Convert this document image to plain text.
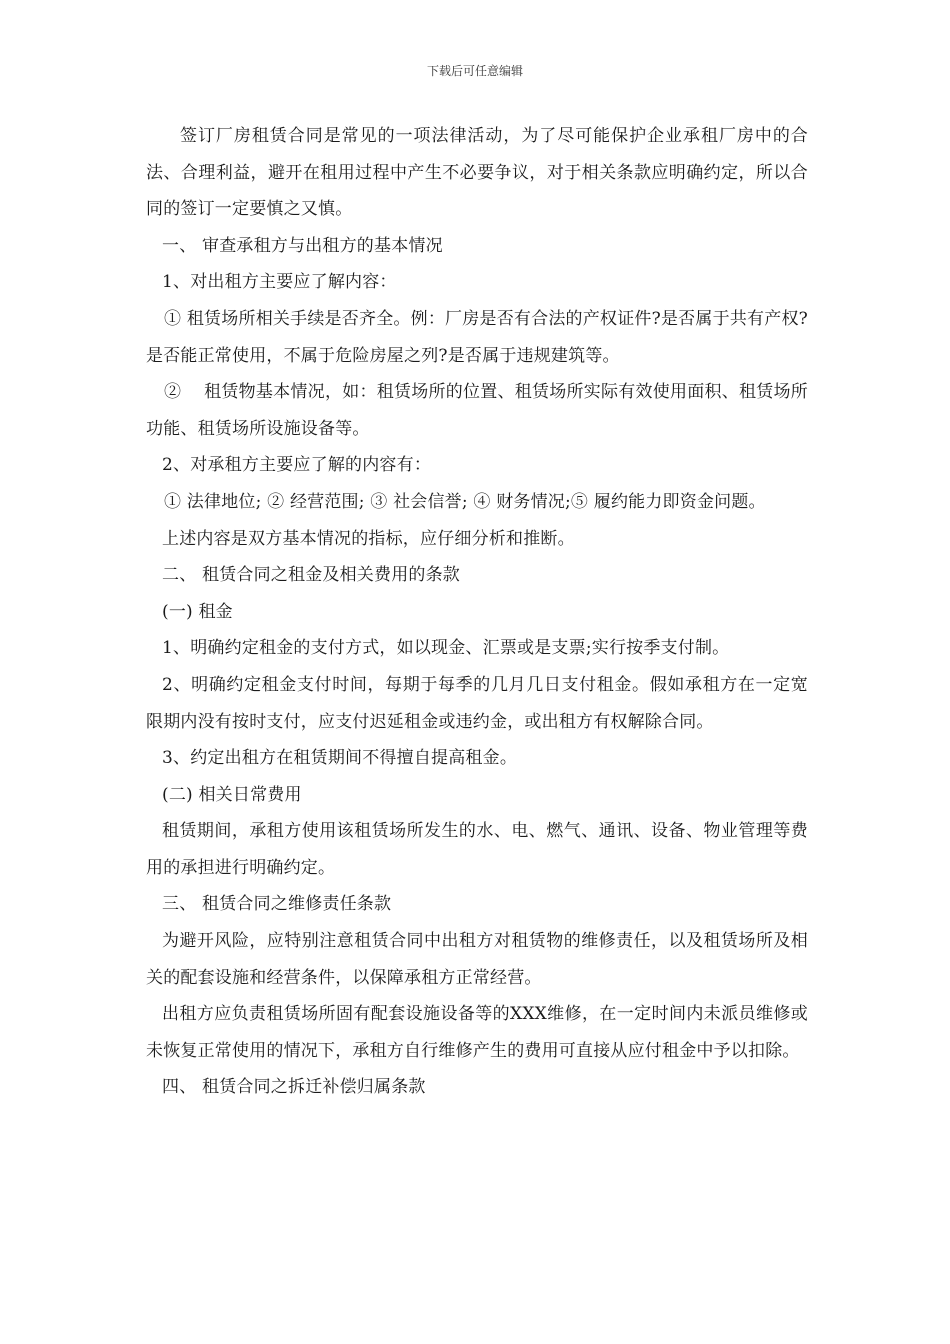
下载后可任意编辑

签订厂房租赁合同是常见的一项法律活动，为了尽可能保护企业承租厂房中的合法、合理利益，避开在租用过程中产生不必要争议，对于相关条款应明确约定，所以合同的签订一定要慎之又慎。

一、 审查承租方与出租方的基本情况

1、对出租方主要应了解内容：

① 租赁场所相关手续是否齐全。例：厂房是否有合法的产权证件?是否属于共有产权?是否能正常使用，不属于危险房屋之列?是否属于违规建筑等。

②　 租赁物基本情况，如：租赁场所的位置、租赁场所实际有效使用面积、租赁场所功能、租赁场所设施设备等。

2、对承租方主要应了解的内容有：

① 法律地位; ② 经营范围; ③ 社会信誉; ④ 财务情况;⑤ 履约能力即资金问题。

上述内容是双方基本情况的指标，应仔细分析和推断。

二、 租赁合同之租金及相关费用的条款

(一) 租金

1、明确约定租金的支付方式，如以现金、汇票或是支票;实行按季支付制。

2、明确约定租金支付时间，每期于每季的几月几日支付租金。假如承租方在一定宽限期内没有按时支付，应支付迟延租金或违约金，或出租方有权解除合同。

3、约定出租方在租赁期间不得擅自提高租金。

(二) 相关日常费用

租赁期间，承租方使用该租赁场所发生的水、电、燃气、通讯、设备、物业管理等费用的承担进行明确约定。

三、 租赁合同之维修责任条款

为避开风险，应特别注意租赁合同中出租方对租赁物的维修责任，以及租赁场所及相关的配套设施和经营条件，以保障承租方正常经营。

出租方应负责租赁场所固有配套设施设备等的XXX维修，在一定时间内未派员维修或未恢复正常使用的情况下，承租方自行维修产生的费用可直接从应付租金中予以扣除。

四、 租赁合同之拆迁补偿归属条款
